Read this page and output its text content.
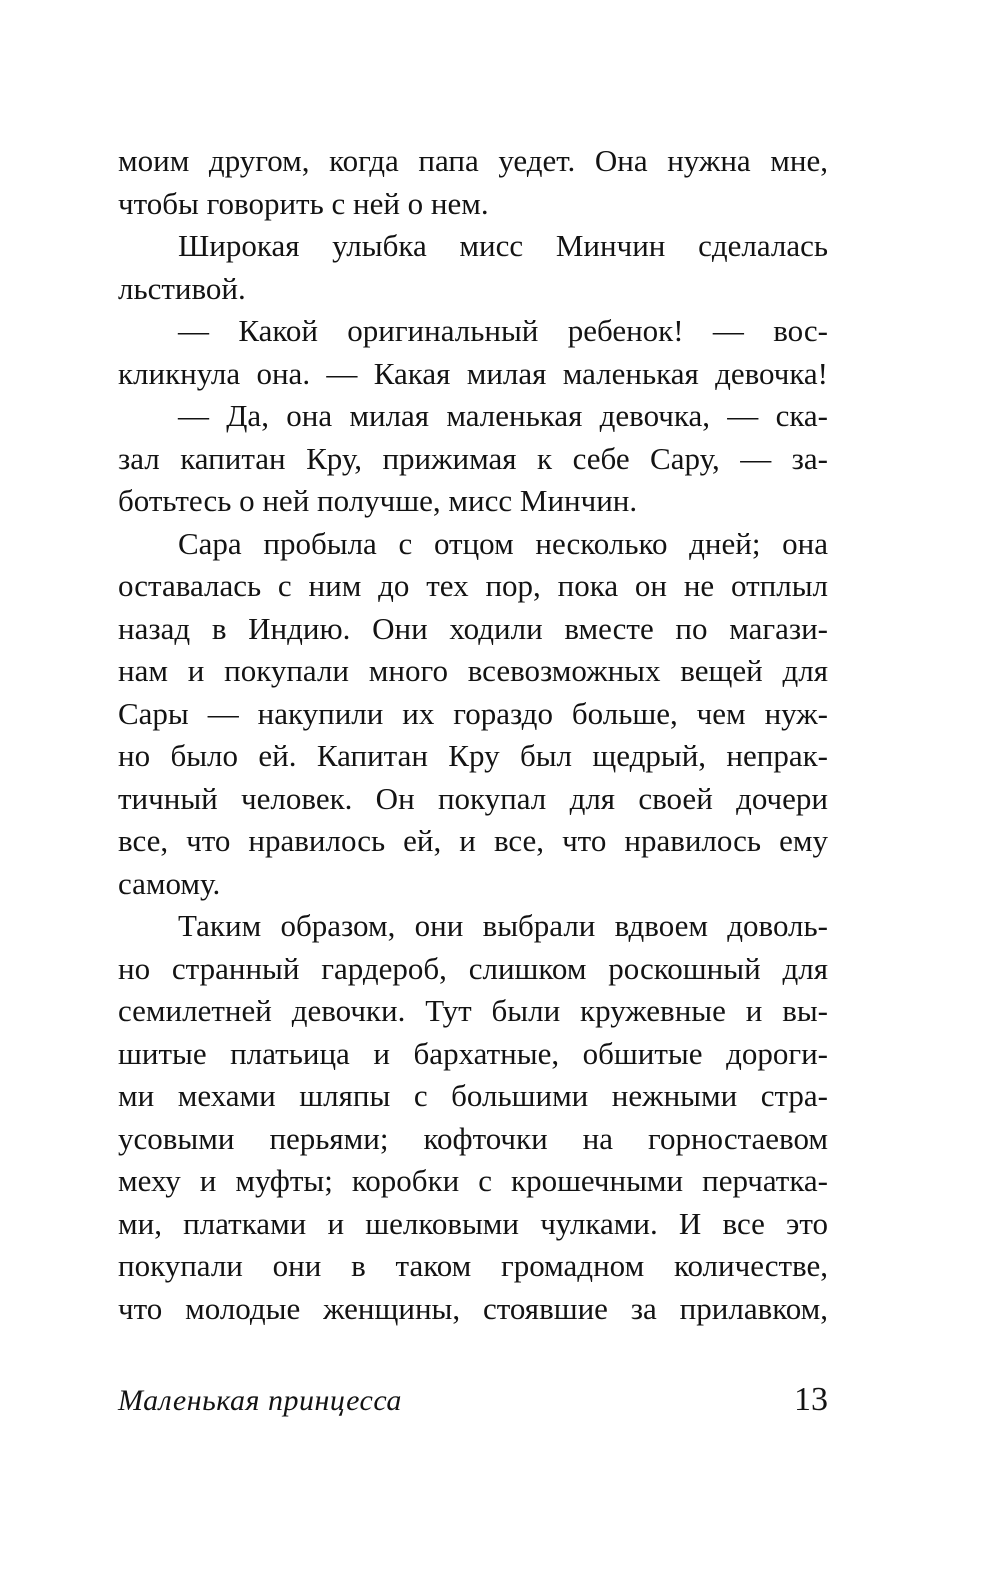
моим другом, когда папа уедет. Она нужна мне,
чтобы говорить с ней о нем.
Широкая улыбка мисс Минчин сделалась
льстивой.
— Какой оригинальный ребенок! — вос-
кликнула она. — Какая милая маленькая девочка!
— Да, она милая маленькая девочка, — ска-
зал капитан Кру, прижимая к себе Сару, — за-
ботьтесь о ней получше, мисс Минчин.
Сара пробыла с отцом несколько дней; она
оставалась с ним до тех пор, пока он не отплыл
назад в Индию. Они ходили вместе по магази-
нам и покупали много всевозможных вещей для
Сары — накупили их гораздо больше, чем нуж-
но было ей. Капитан Кру был щедрый, непрак-
тичный человек. Он покупал для своей дочери
все, что нравилось ей, и все, что нравилось ему
самому.
Таким образом, они выбрали вдвоем доволь-
но странный гардероб, слишком роскошный для
семилетней девочки. Тут были кружевные и вы-
шитые платьица и бархатные, обшитые дороги-
ми мехами шляпы с большими нежными стра-
усовыми перьями; кофточки на горностаевом
меху и муфты; коробки с крошечными перчатка-
ми, платками и шелковыми чулками. И все это
покупали они в таком громадном количестве,
что молодые женщины, стоявшие за прилавком,
Маленькая принцесса	13
